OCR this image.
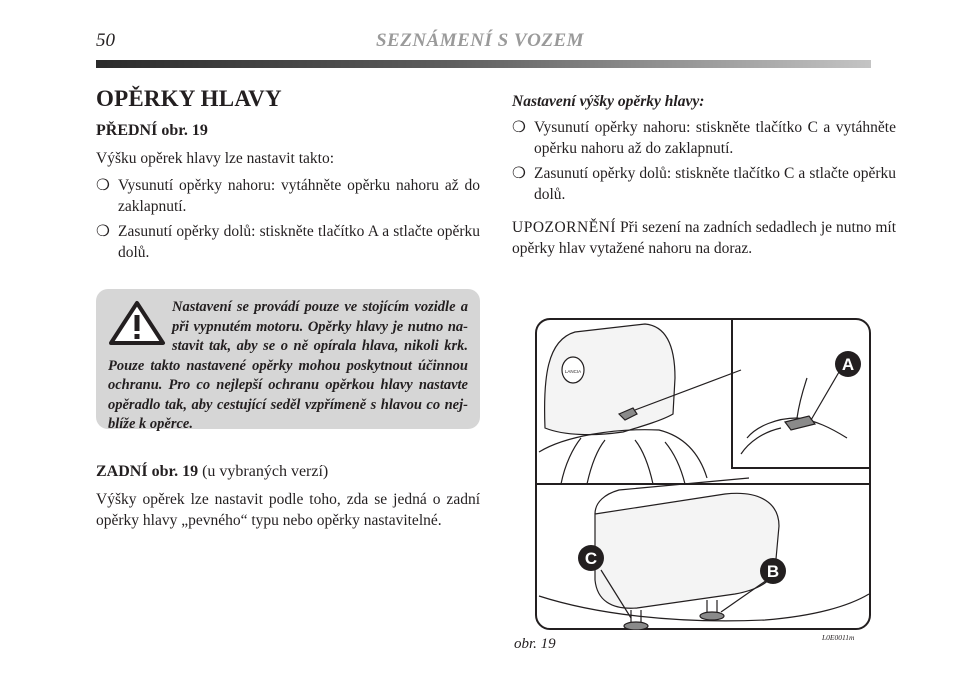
50	SEZNÁMENÍ S VOZEM
OPĚRKY HLAVY
PŘEDNÍ obr. 19

Výšku opěrek hlavy lze nastavit takto:

❍ Vysunutí opěrky nahoru: vytáhněte opěrku nahoru až do zaklapnutí.
❍ Zasunutí opěrky dolů: stiskněte tlačítko A a stlačte opěrku dolů.

Nastavení se provádí pouze ve stojícím vozidle a při vypnutém motoru. Opěrky hlavy je nutno nastavit tak, aby se o ně opírala hlava, nikoli krk. Pouze takto nastavené opěrky mohou poskytnout účinnou ochranu. Pro co nejlepší ochranu opěrkou hlavy nastavte opěradlo tak, aby cestující seděl vzpřímeně s hlavou co nejblíže k opěrce.

ZADNÍ obr. 19 (u vybraných verzí)

Výšky opěrek lze nastavit podle toho, zda se jedná o zadní opěrky hlavy „pevného“ typu nebo opěrky nastavitelné.

Nastavení výšky opěrky hlavy:
❍ Vysunutí opěrky nahoru: stiskněte tlačítko C a vytáhněte opěrku nahoru až do zaklapnutí.
❍ Zasunutí opěrky dolů: stiskněte tlačítko C a stlačte opěrku dolů.

UPOZORNĚNÍ Při sezení na zadních sedadlech je nutno mít opěrky hlav vytažené nahoru na doraz.

LANCIA	A
C
B
obr. 19	L0E0011m
